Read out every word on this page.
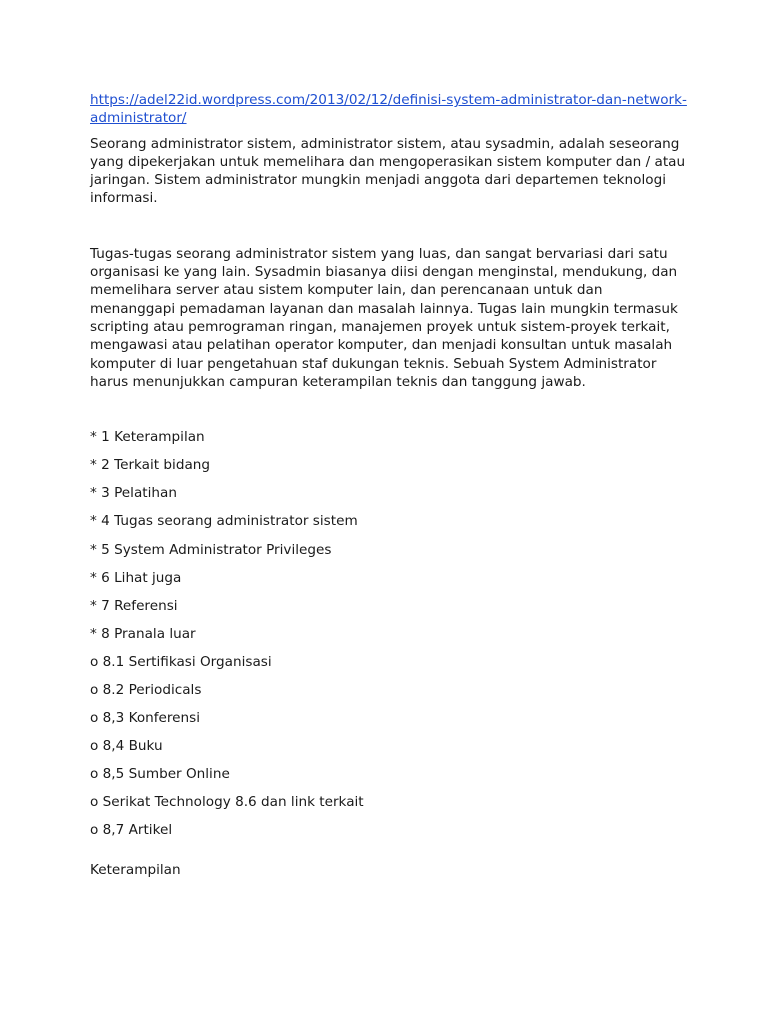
https://adel22id.wordpress.com/2013/02/12/definisi-system-administrator-dan-network-administrator/

Seorang administrator sistem, administrator sistem, atau sysadmin, adalah seseorang yang dipekerjakan untuk memelihara dan mengoperasikan sistem komputer dan / atau jaringan. Sistem administrator mungkin menjadi anggota dari departemen teknologi informasi.

Tugas-tugas seorang administrator sistem yang luas, dan sangat bervariasi dari satu organisasi ke yang lain. Sysadmin biasanya diisi dengan menginstal, mendukung, dan memelihara server atau sistem komputer lain, dan perencanaan untuk dan menanggapi pemadaman layanan dan masalah lainnya. Tugas lain mungkin termasuk scripting atau pemrograman ringan, manajemen proyek untuk sistem-proyek terkait, mengawasi atau pelatihan operator komputer, dan menjadi konsultan untuk masalah komputer di luar pengetahuan staf dukungan teknis. Sebuah System Administrator harus menunjukkan campuran keterampilan teknis dan tanggung jawab.

* 1 Keterampilan
* 2 Terkait bidang
* 3 Pelatihan
* 4 Tugas seorang administrator sistem
* 5 System Administrator Privileges
* 6 Lihat juga
* 7 Referensi
* 8 Pranala luar
o 8.1 Sertifikasi Organisasi
o 8.2 Periodicals
o 8,3 Konferensi
o 8,4 Buku
o 8,5 Sumber Online
o Serikat Technology 8.6 dan link terkait
o 8,7 Artikel
Keterampilan
